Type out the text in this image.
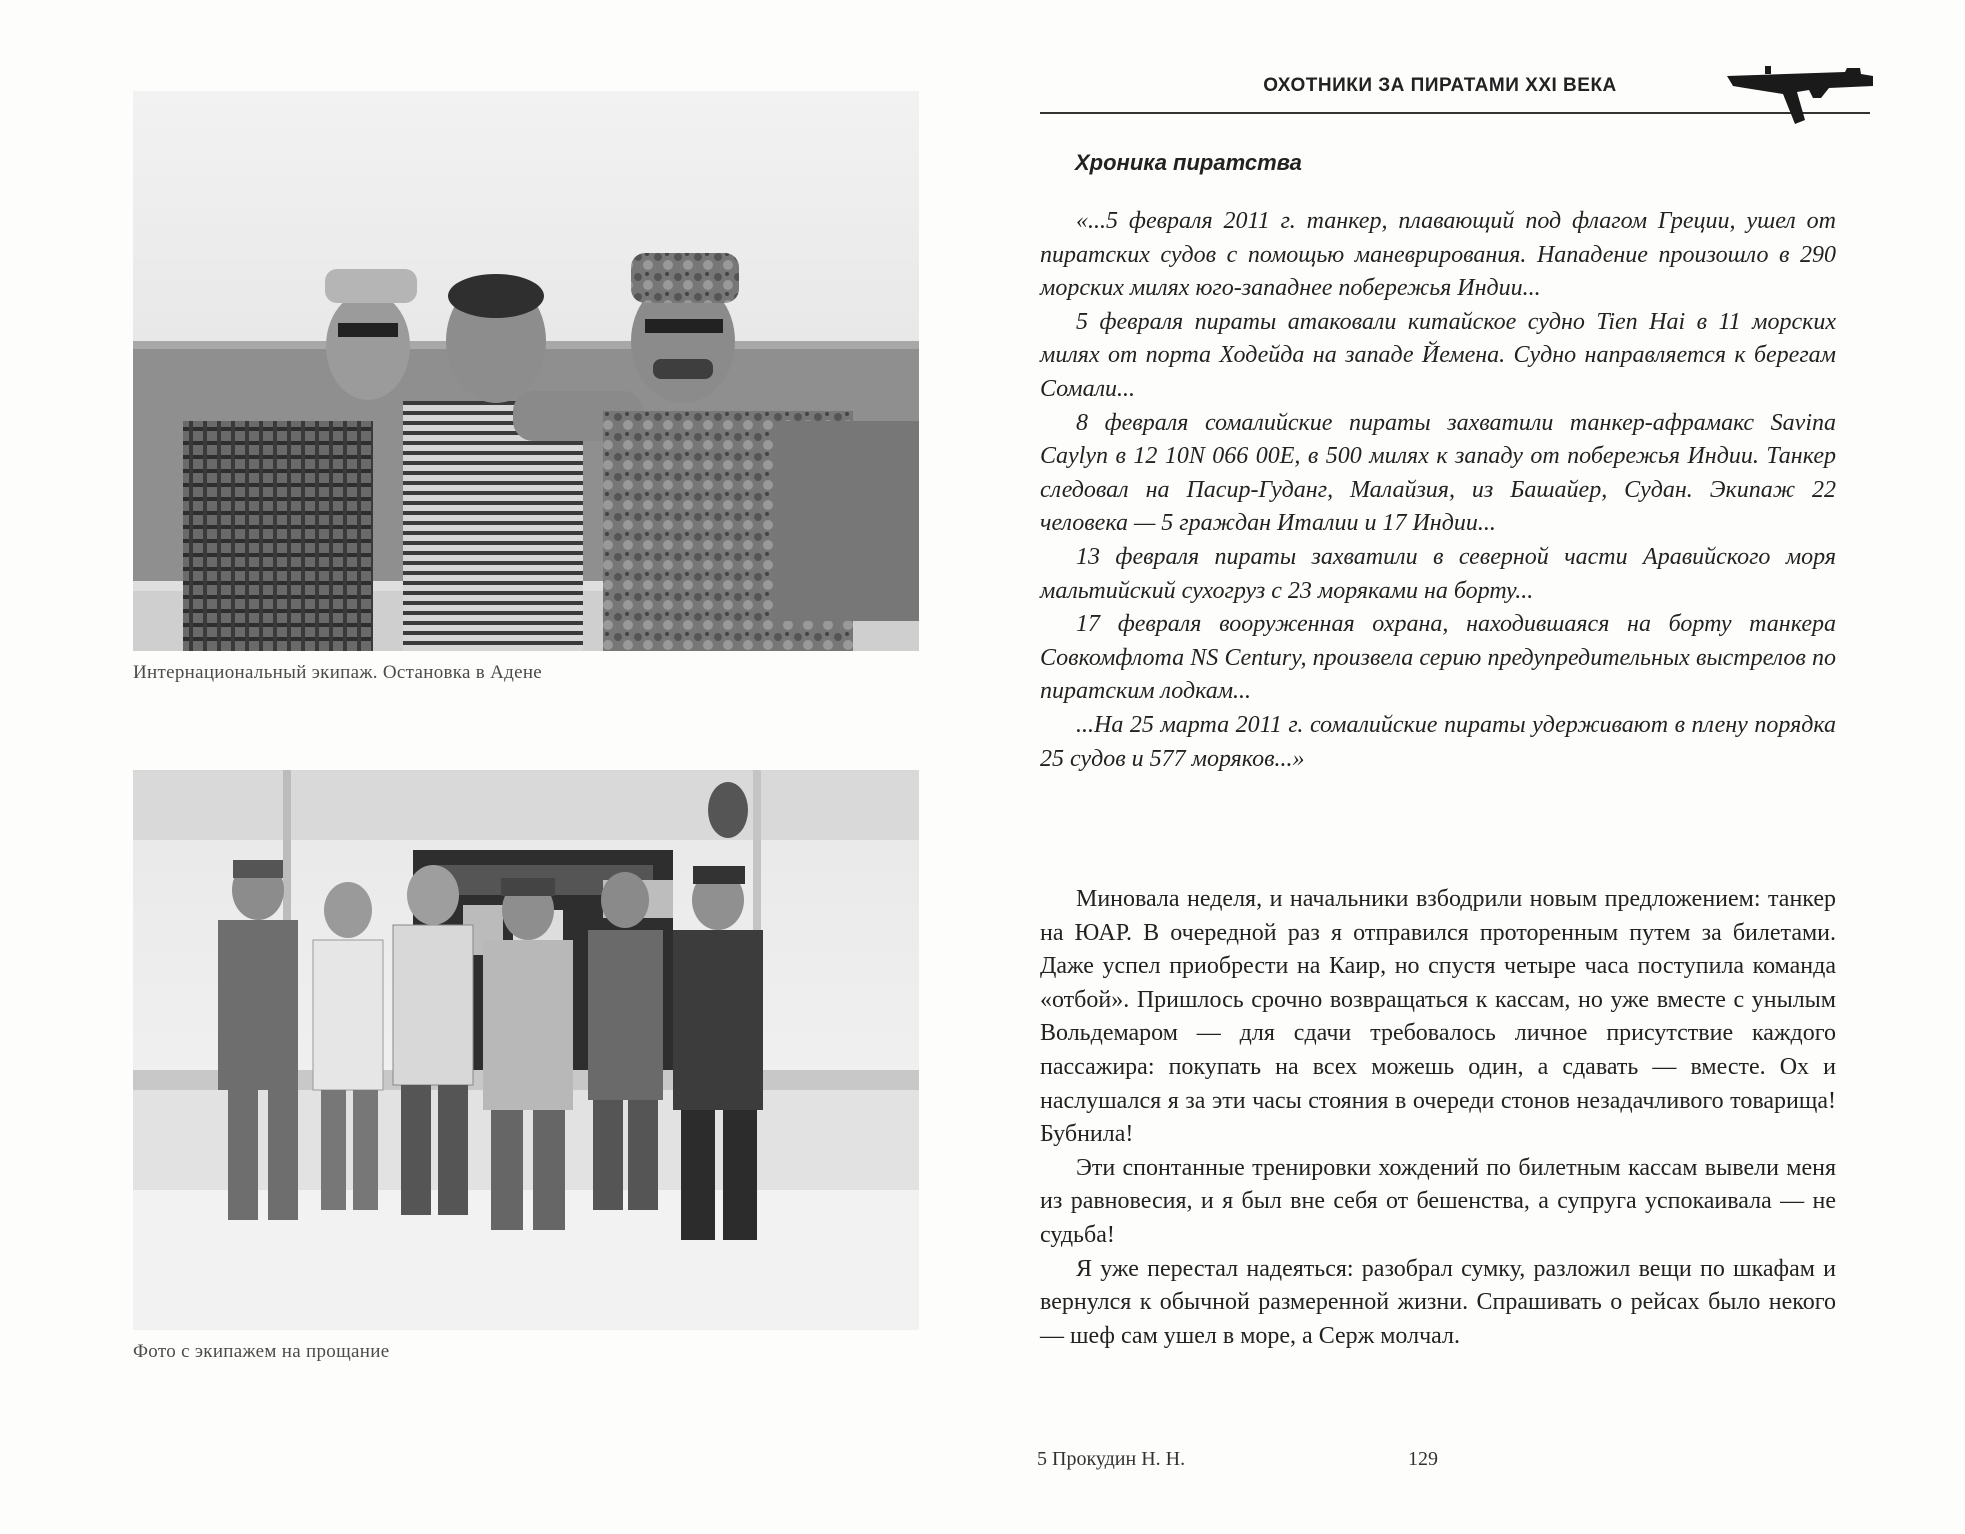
Интернациональный экипаж. Остановка в Адене
Фото с экипажем на прощание
ОХОТНИКИ ЗА ПИРАТАМИ XXI ВЕКА
Хроника пиратства

«...5 февраля 2011 г. танкер, плавающий под флагом Греции, ушел от пиратских судов с помощью маневрирования. Нападение произошло в 290 морских милях юго-западнее побережья Индии...

5 февраля пираты атаковали китайское судно Tien Hai в 11 морских милях от порта Ходейда на западе Йемена. Судно направляется к берегам Сомали...

8 февраля сомалийские пираты захватили танкер-афрамакс Savina Caylyn в 12 10N 066 00E, в 500 милях к западу от побережья Индии. Танкер следовал на Пасир-Гуданг, Малайзия, из Башайер, Судан. Экипаж 22 человека — 5 граждан Италии и 17 Индии...

13 февраля пираты захватили в северной части Аравийского моря мальтийский сухогруз с 23 моряками на борту...

17 февраля вооруженная охрана, находившаяся на борту танкера Совкомфлота NS Century, произвела серию предупредительных выстрелов по пиратским лодкам...

...На 25 марта 2011 г. сомалийские пираты удерживают в плену порядка 25 судов и 577 моряков...»

Миновала неделя, и начальники взбодрили новым предложением: танкер на ЮАР. В очередной раз я отправился проторенным путем за билетами. Даже успел приобрести на Каир, но спустя четыре часа поступила команда «отбой». Пришлось срочно возвращаться к кассам, но уже вместе с унылым Вольдемаром — для сдачи требовалось личное присутствие каждого пассажира: покупать на всех можешь один, а сдавать — вместе. Ох и наслушался я за эти часы стояния в очереди стонов незадачливого товарища! Бубнила!

Эти спонтанные тренировки хождений по билетным кассам вывели меня из равновесия, и я был вне себя от бешенства, а супруга успокаивала — не судьба!

Я уже перестал надеяться: разобрал сумку, разложил вещи по шкафам и вернулся к обычной размеренной жизни. Спрашивать о рейсах было некого — шеф сам ушел в море, а Серж молчал.

5 Прокудин Н. Н.	129
